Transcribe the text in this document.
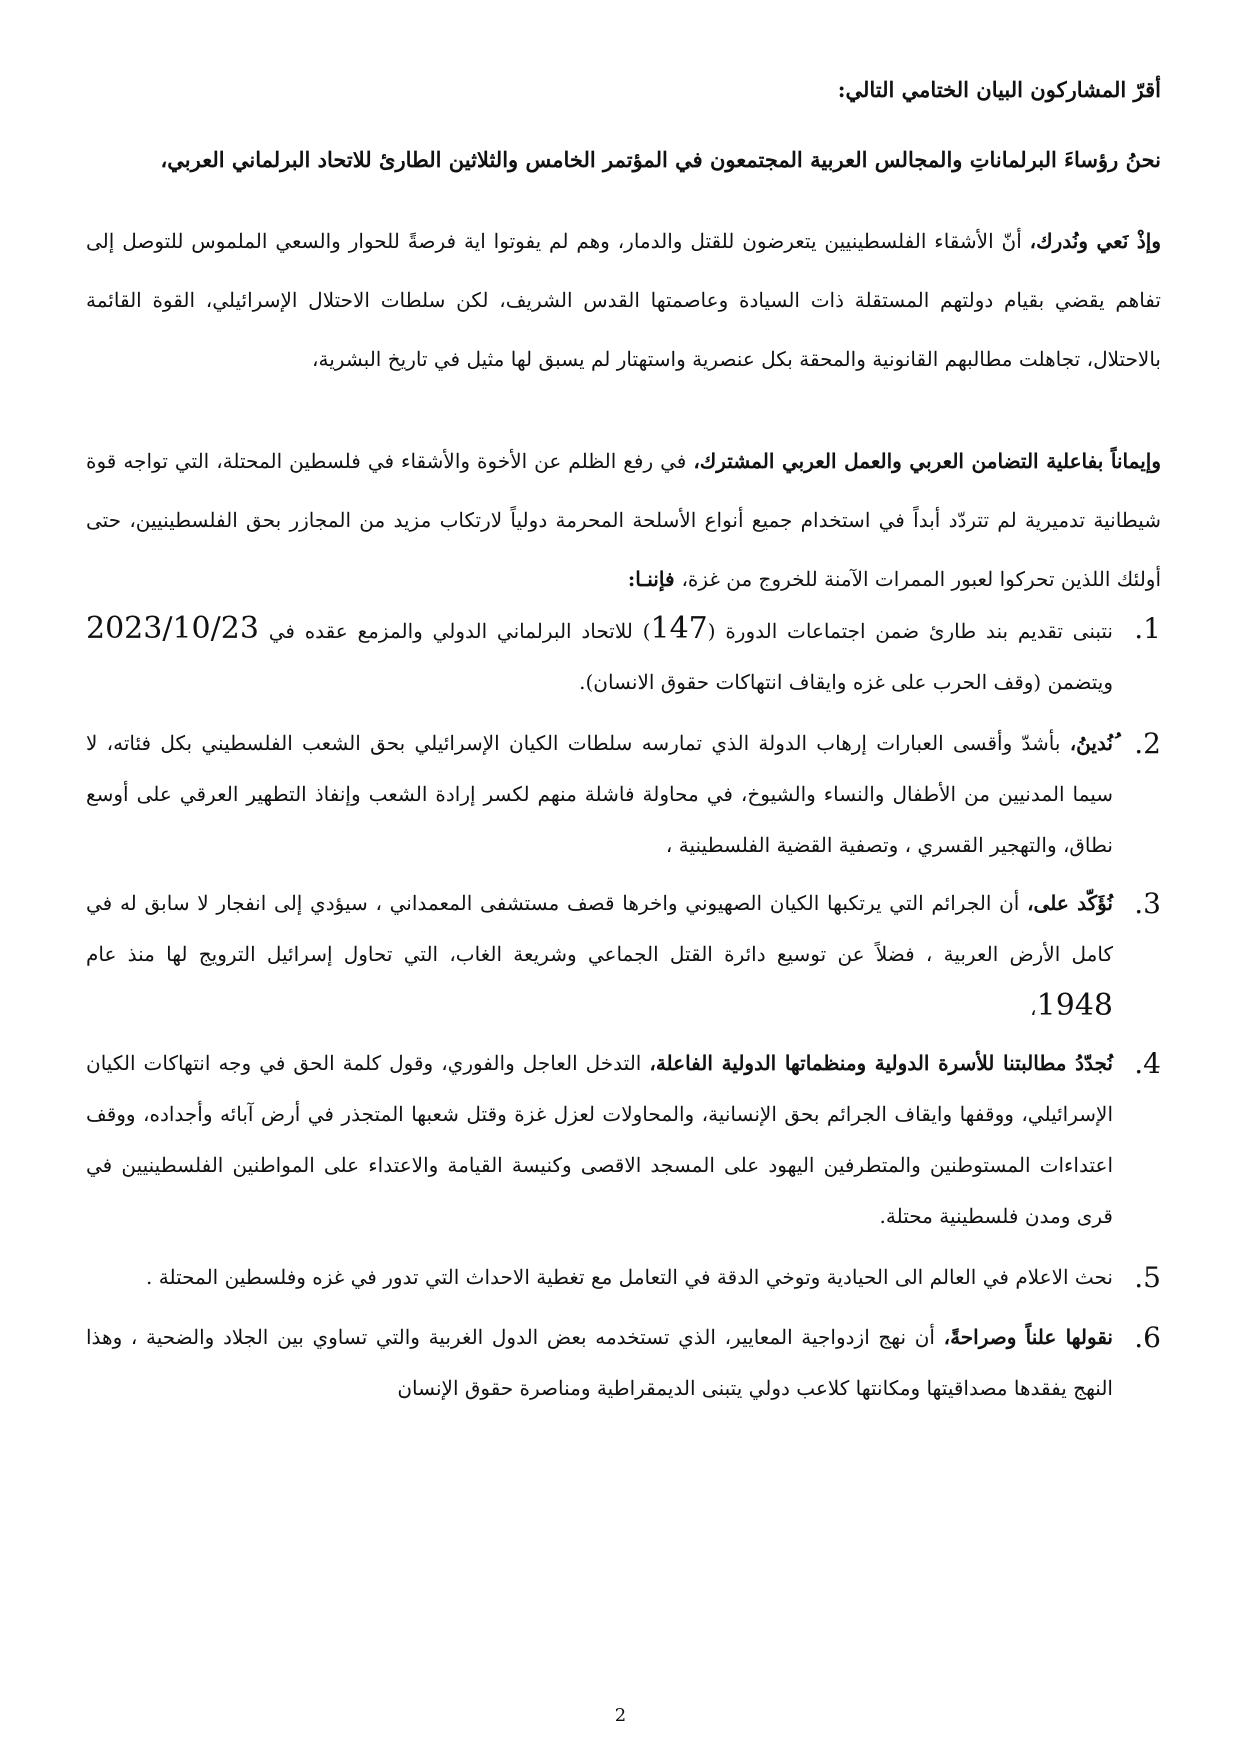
أقرّ المشاركون البيان الختامي التالي:
نحنُ رؤساءَ البرلماناتِ والمجالس العربية المجتمعون في المؤتمر الخامس والثلاثين الطارئ للاتحاد البرلماني العربي،
وإذْ نَعي ونُدرك، أنّ الأشقاء الفلسطينيين يتعرضون للقتل والدمار، وهم لم يفوتوا اية فرصةً للحوار والسعي الملموس للتوصل إلى تفاهم يقضي بقيام دولتهم المستقلة ذات السيادة وعاصمتها القدس الشريف، لكن سلطات الاحتلال الإسرائيلي، القوة القائمة بالاحتلال، تجاهلت مطالبهم القانونية والمحقة بكل عنصرية واستهتار لم يسبق لها مثيل في تاريخ البشرية،
وإيماناً بفاعلية التضامن العربي والعمل العربي المشترك، في رفع الظلم عن الأخوة والأشقاء في فلسطين المحتلة، التي تواجه قوة شيطانية تدميرية لم تتردّد أبداً في استخدام جميع أنواع الأسلحة المحرمة دولياً لارتكاب مزيد من المجازر بحق الفلسطينيين، حتى أولئك اللذين تحركوا لعبور الممرات الآمنة للخروج من غزة، فإننـا:
1.
نتبنى تقديم بند طارئ ضمن اجتماعات الدورة (147) للاتحاد البرلماني الدولي والمزمع عقده في 2023/10/23 ويتضمن (وقف الحرب على غزه وايقاف انتهاكات حقوق الانسان).
2.
ُنُدينُ، بأشدّ وأقسى العبارات إرهاب الدولة الذي تمارسه سلطات الكيان الإسرائيلي بحق الشعب الفلسطيني بكل فئاته، لا سيما المدنيين من الأطفال والنساء والشيوخ، في محاولة فاشلة منهم لكسر إرادة الشعب وإنفاذ التطهير العرقي على أوسع نطاق، والتهجير القسري ، وتصفية القضية الفلسطينية ،
3.
نُؤَكّد على، أن الجرائم التي يرتكبها الكيان الصهيوني واخرها قصف مستشفى المعمداني ، سيؤدي إلى انفجار لا سابق له في كامل الأرض العربية ، فضلاً عن توسيع دائرة القتل الجماعي وشريعة الغاب، التي تحاول إسرائيل الترويج لها منذ عام 1948،
4.
نُجدّدُ مطالبتنا للأسرة الدولية ومنظماتها الدولية الفاعلة، التدخل العاجل والفوري، وقول كلمة الحق في وجه انتهاكات الكيان الإسرائيلي، ووقفها وايقاف الجرائم بحق الإنسانية، والمحاولات لعزل غزة وقتل شعبها المتجذر في أرض آبائه وأجداده، ووقف اعتداءات المستوطنين والمتطرفين اليهود على المسجد الاقصى وكنيسة القيامة والاعتداء على المواطنين الفلسطينيين في قرى ومدن فلسطينية محتلة.
5.
نحث الاعلام في العالم الى الحيادية وتوخي الدقة في التعامل مع تغطية الاحداث التي تدور في غزه وفلسطين المحتلة .
6.
نقولها علناً وصراحةً، أن نهج ازدواجية المعايير، الذي تستخدمه بعض الدول الغربية والتي تساوي بين الجلاد والضحية ، وهذا النهج يفقدها مصداقيتها ومكانتها كلاعب دولي يتبنى الديمقراطية ومناصرة حقوق الإنسان
2
